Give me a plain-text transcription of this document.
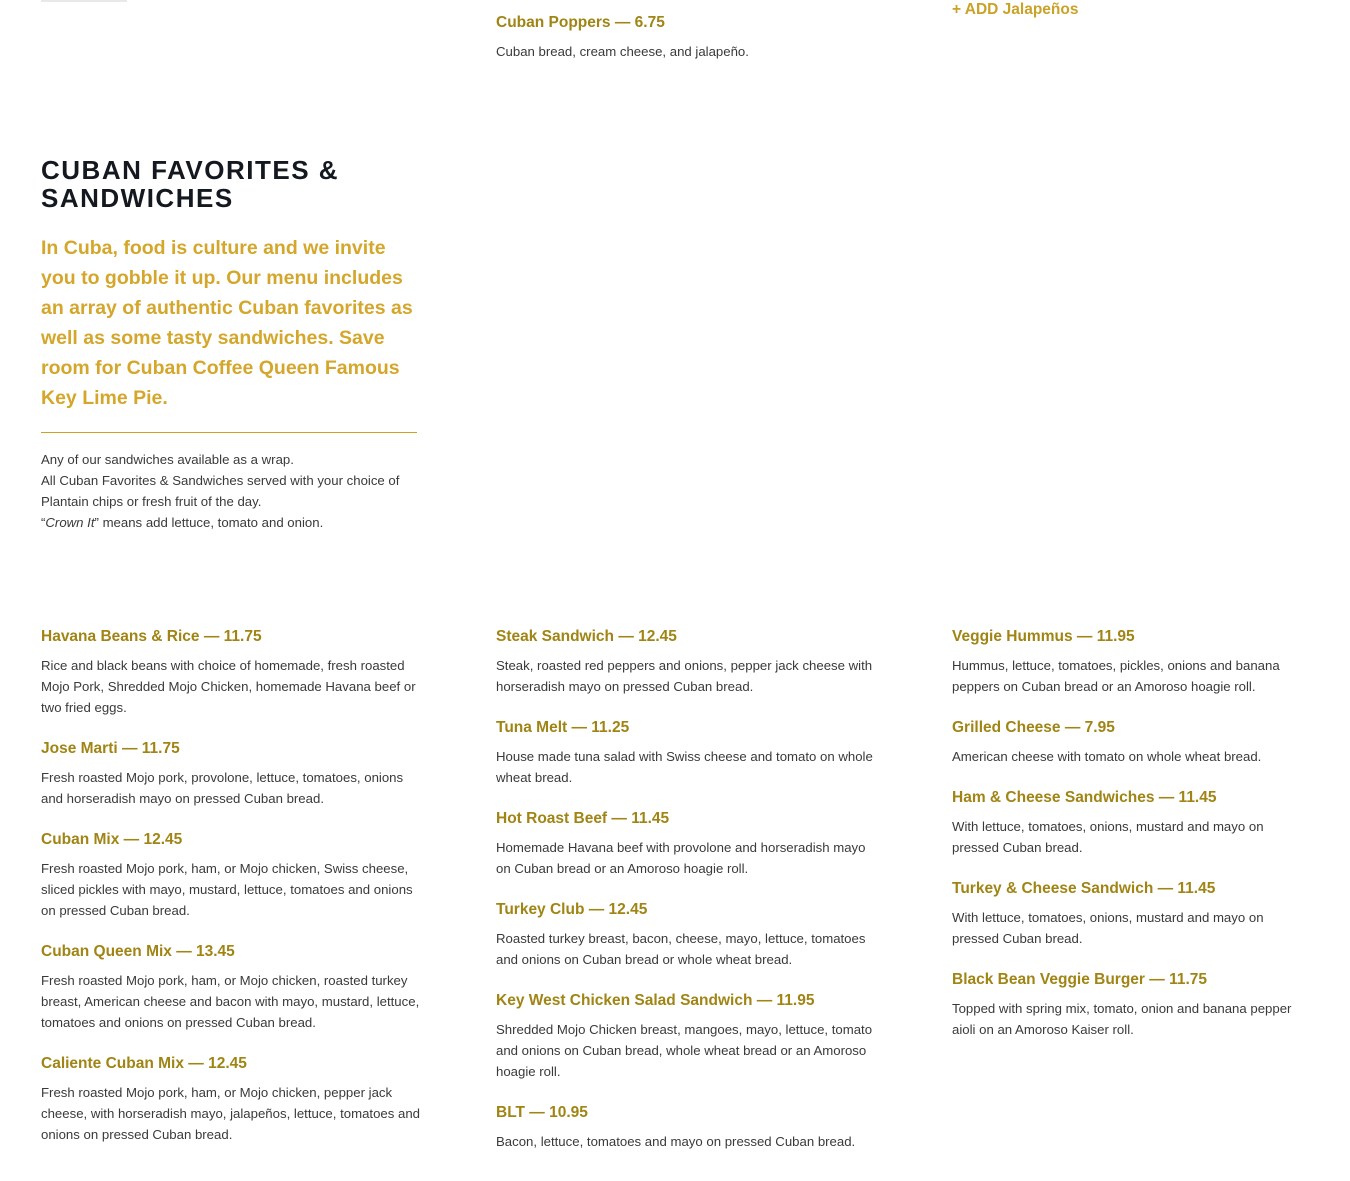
Cuban Poppers — 6.75

Cuban bread, cream cheese, and jalapeño.

+ ADD Jalapeños
CUBAN FAVORITES & SANDWICHES

In Cuba, food is culture and we invite you to gobble it up. Our menu includes an array of authentic Cuban favorites as well as some tasty sandwiches. Save room for Cuban Coffee Queen Famous Key Lime Pie.

Any of our sandwiches available as a wrap.

All Cuban Favorites & Sandwiches served with your choice of Plantain chips or fresh fruit of the day.

“Crown It” means add lettuce, tomato and onion.

Havana Beans & Rice — 11.75

Rice and black beans with choice of homemade, fresh roasted Mojo Pork, Shredded Mojo Chicken, homemade Havana beef or two fried eggs.

Jose Marti — 11.75

Fresh roasted Mojo pork, provolone, lettuce, tomatoes, onions and horseradish mayo on pressed Cuban bread.

Cuban Mix — 12.45

Fresh roasted Mojo pork, ham, or Mojo chicken, Swiss cheese, sliced pickles with mayo, mustard, lettuce, tomatoes and onions on pressed Cuban bread.

Cuban Queen Mix — 13.45

Fresh roasted Mojo pork, ham, or Mojo chicken, roasted turkey breast, American cheese and bacon with mayo, mustard, lettuce, tomatoes and onions on pressed Cuban bread.

Caliente Cuban Mix — 12.45

Fresh roasted Mojo pork, ham, or Mojo chicken, pepper jack cheese, with horseradish mayo, jalapeños, lettuce, tomatoes and onions on pressed Cuban bread.

Steak Sandwich — 12.45

Steak, roasted red peppers and onions, pepper jack cheese with horseradish mayo on pressed Cuban bread.

Tuna Melt — 11.25

House made tuna salad with Swiss cheese and tomato on whole wheat bread.

Hot Roast Beef — 11.45

Homemade Havana beef with provolone and horseradish mayo on Cuban bread or an Amoroso hoagie roll.

Turkey Club — 12.45

Roasted turkey breast, bacon, cheese, mayo, lettuce, tomatoes and onions on Cuban bread or whole wheat bread.

Key West Chicken Salad Sandwich — 11.95

Shredded Mojo Chicken breast, mangoes, mayo, lettuce, tomato and onions on Cuban bread, whole wheat bread or an Amoroso hoagie roll.

BLT — 10.95

Bacon, lettuce, tomatoes and mayo on pressed Cuban bread.

Veggie Hummus — 11.95

Hummus, lettuce, tomatoes, pickles, onions and banana peppers on Cuban bread or an Amoroso hoagie roll.

Grilled Cheese — 7.95

American cheese with tomato on whole wheat bread.

Ham & Cheese Sandwiches — 11.45

With lettuce, tomatoes, onions, mustard and mayo on pressed Cuban bread.

Turkey & Cheese Sandwich — 11.45

With lettuce, tomatoes, onions, mustard and mayo on pressed Cuban bread.

Black Bean Veggie Burger — 11.75

Topped with spring mix, tomato, onion and banana pepper aioli on an Amoroso Kaiser roll.
